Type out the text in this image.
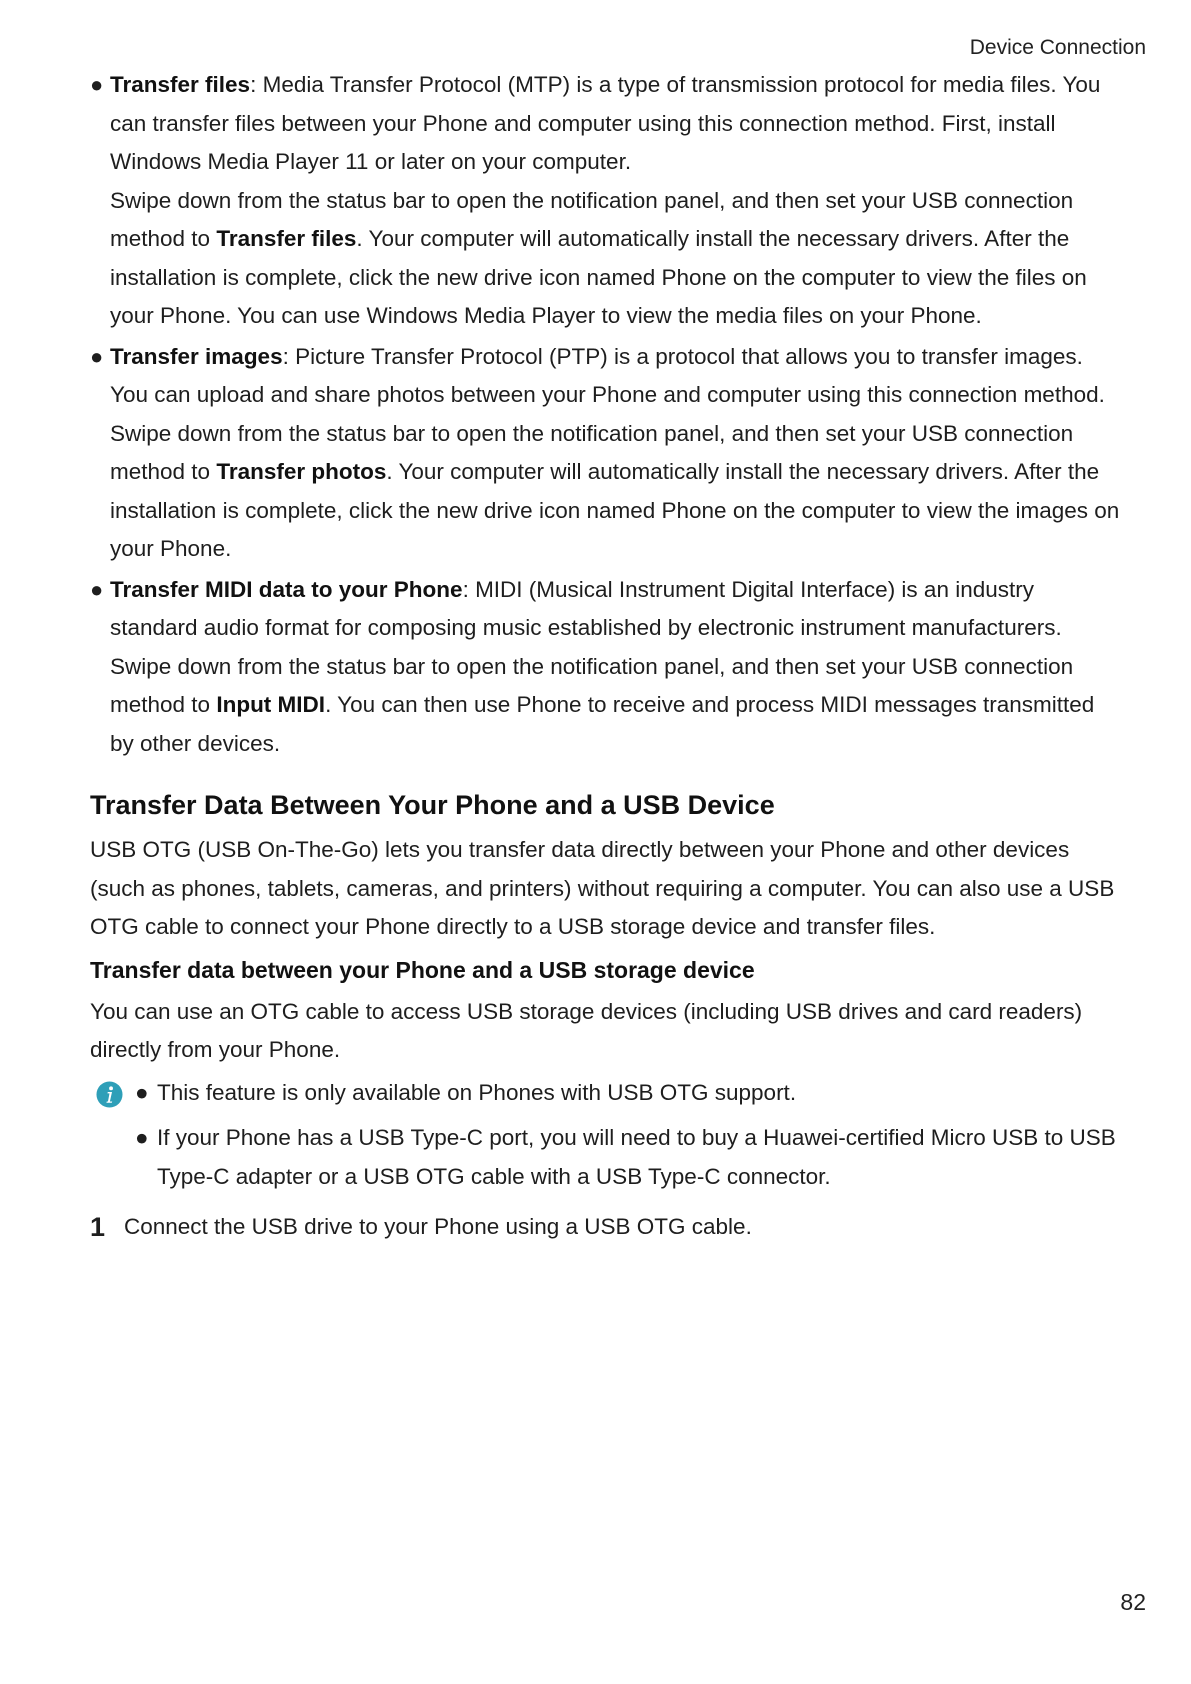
Device Connection
● Transfer files: Media Transfer Protocol (MTP) is a type of transmission protocol for media files. You can transfer files between your Phone and computer using this connection method. First, install Windows Media Player 11 or later on your computer.

Swipe down from the status bar to open the notification panel, and then set your USB connection method to Transfer files. Your computer will automatically install the necessary drivers. After the installation is complete, click the new drive icon named Phone on the computer to view the files on your Phone. You can use Windows Media Player to view the media files on your Phone.

● Transfer images: Picture Transfer Protocol (PTP) is a protocol that allows you to transfer images. You can upload and share photos between your Phone and computer using this connection method.

Swipe down from the status bar to open the notification panel, and then set your USB connection method to Transfer photos. Your computer will automatically install the necessary drivers. After the installation is complete, click the new drive icon named Phone on the computer to view the images on your Phone.

● Transfer MIDI data to your Phone: MIDI (Musical Instrument Digital Interface) is an industry standard audio format for composing music established by electronic instrument manufacturers.

Swipe down from the status bar to open the notification panel, and then set your USB connection method to Input MIDI. You can then use Phone to receive and process MIDI messages transmitted by other devices.

Transfer Data Between Your Phone and a USB Device

USB OTG (USB On-The-Go) lets you transfer data directly between your Phone and other devices (such as phones, tablets, cameras, and printers) without requiring a computer. You can also use a USB OTG cable to connect your Phone directly to a USB storage device and transfer files.

Transfer data between your Phone and a USB storage device

You can use an OTG cable to access USB storage devices (including USB drives and card readers) directly from your Phone.

● This feature is only available on Phones with USB OTG support.
● If your Phone has a USB Type-C port, you will need to buy a Huawei-certified Micro USB to USB Type-C adapter or a USB OTG cable with a USB Type-C connector.
1 Connect the USB drive to your Phone using a USB OTG cable.
82
